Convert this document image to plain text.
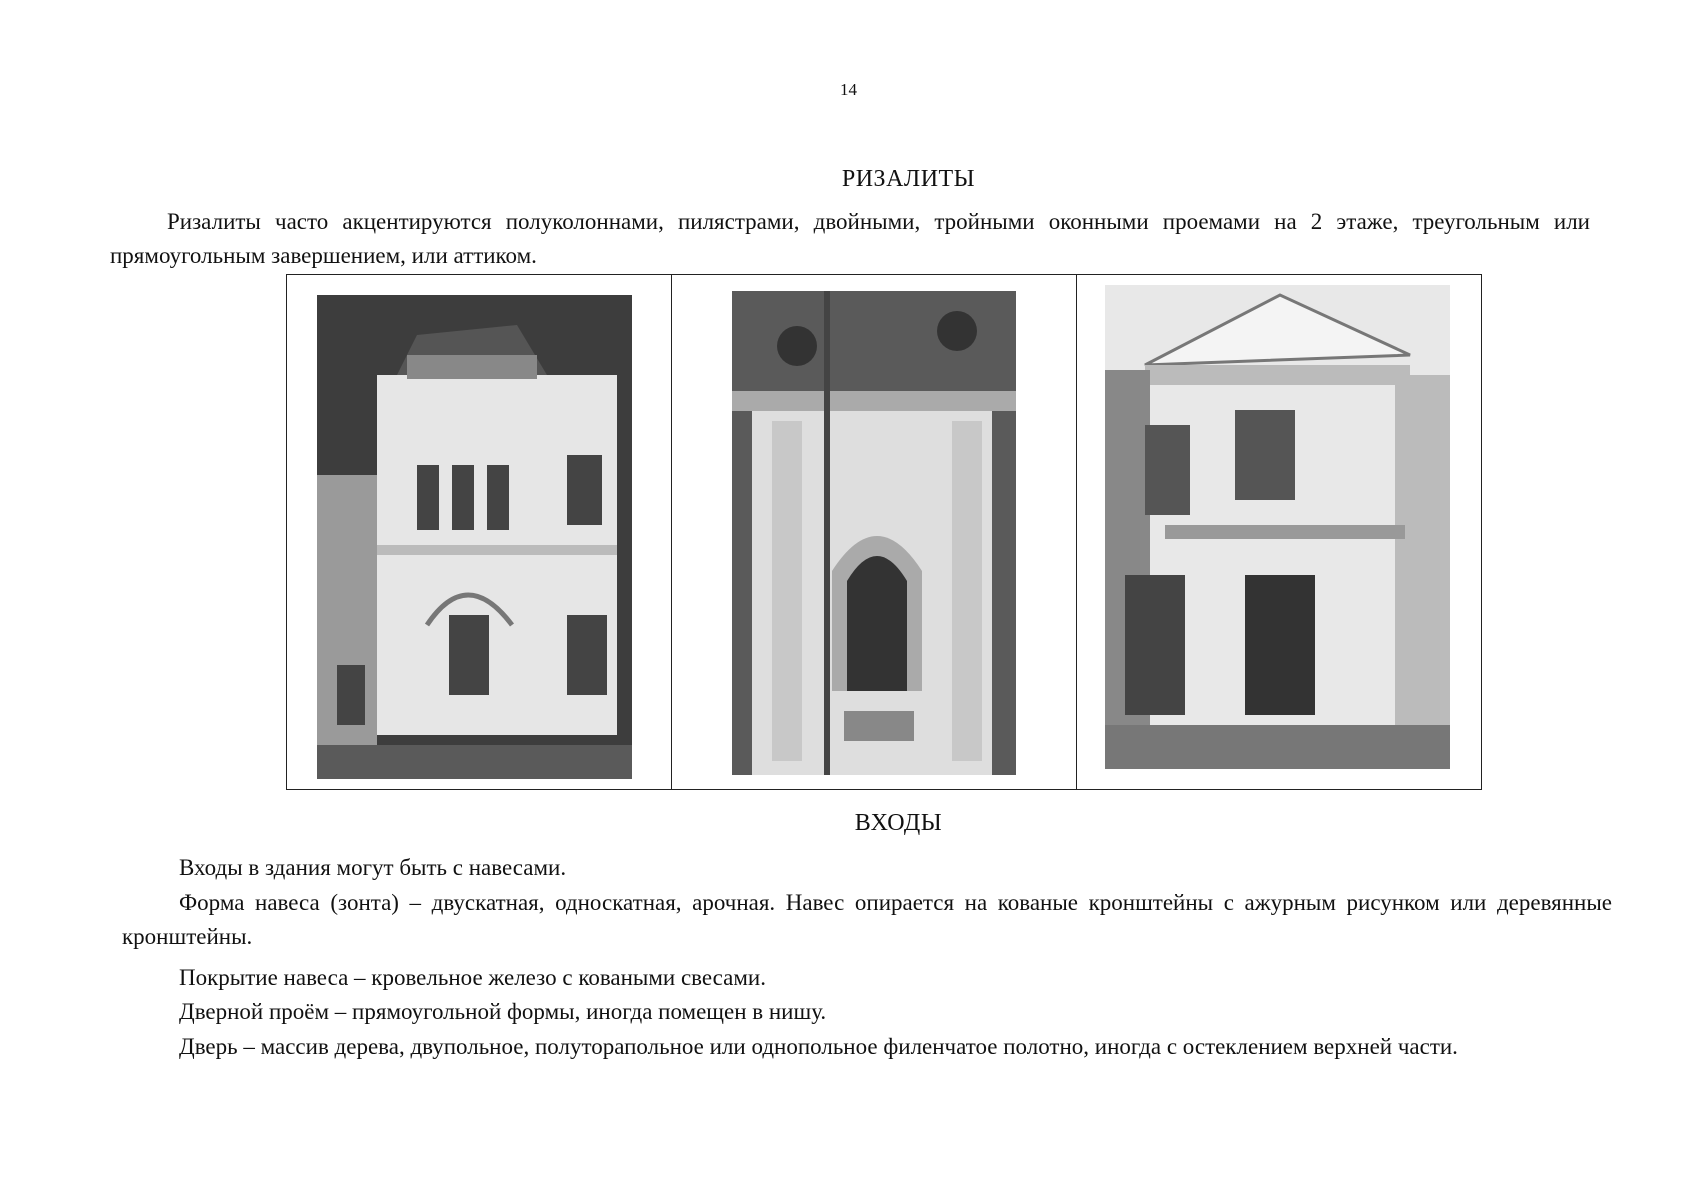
14
РИЗАЛИТЫ

Ризалиты часто акцентируются полуколоннами, пилястрами, двойными, тройными оконными проемами на 2 этаже, треугольным или прямоугольным завершением, или аттиком.

ВХОДЫ

Входы в здания могут быть с навесами.

Форма навеса (зонта) – двускатная, односкатная, арочная. Навес опирается на кованые кронштейны с ажурным рисунком или деревянные кронштейны.

Покрытие навеса – кровельное железо с коваными свесами.

Дверной проём – прямоугольной формы, иногда помещен в нишу.

Дверь – массив дерева, двупольное, полуторапольное или однопольное филенчатое полотно, иногда с остеклением верхней части.
